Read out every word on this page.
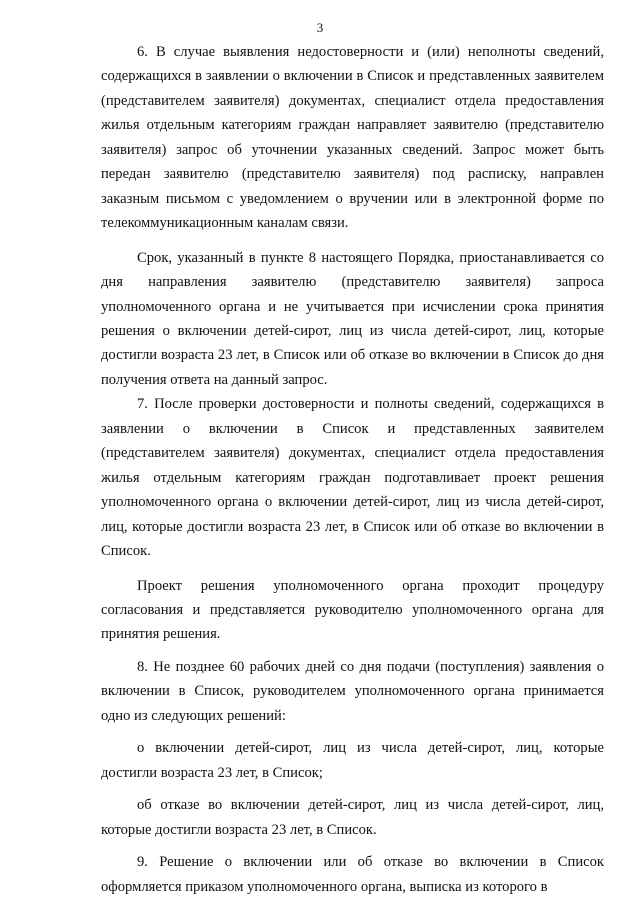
3

6. В случае выявления недостоверности и (или) неполноты сведений, содержащихся в заявлении о включении в Список и представленных заявителем (представителем заявителя) документах, специалист отдела предоставления жилья отдельным категориям граждан направляет заявителю (представителю заявителя) запрос об уточнении указанных сведений. Запрос может быть передан заявителю (представителю заявителя) под расписку, направлен заказным письмом с уведомлением о вручении или в электронной форме по телекоммуникационным каналам связи.

Срок, указанный в пункте 8 настоящего Порядка, приостанавливается со дня направления заявителю (представителю заявителя) запроса уполномоченного органа и не учитывается при исчислении срока принятия решения о включении детей-сирот, лиц из числа детей-сирот, лиц, которые достигли возраста 23 лет, в Список или об отказе во включении в Список до дня получения ответа на данный запрос.

7. После проверки достоверности и полноты сведений, содержащихся в заявлении о включении в Список и представленных заявителем (представителем заявителя) документах, специалист отдела предоставления жилья отдельным категориям граждан подготавливает проект решения уполномоченного органа о включении детей-сирот, лиц из числа детей-сирот, лиц, которые достигли возраста 23 лет, в Список или об отказе во включении в Список.

Проект решения уполномоченного органа проходит процедуру согласования и представляется руководителю уполномоченного органа для принятия решения.

8. Не позднее 60 рабочих дней со дня подачи (поступления) заявления о включении в Список, руководителем уполномоченного органа принимается одно из следующих решений:

о включении детей-сирот, лиц из числа детей-сирот, лиц, которые достигли возраста 23 лет, в Список;

об отказе во включении детей-сирот, лиц из числа детей-сирот, лиц, которые достигли возраста 23 лет, в Список.

9. Решение о включении или об отказе во включении в Список оформляется приказом уполномоченного органа, выписка из которого в
